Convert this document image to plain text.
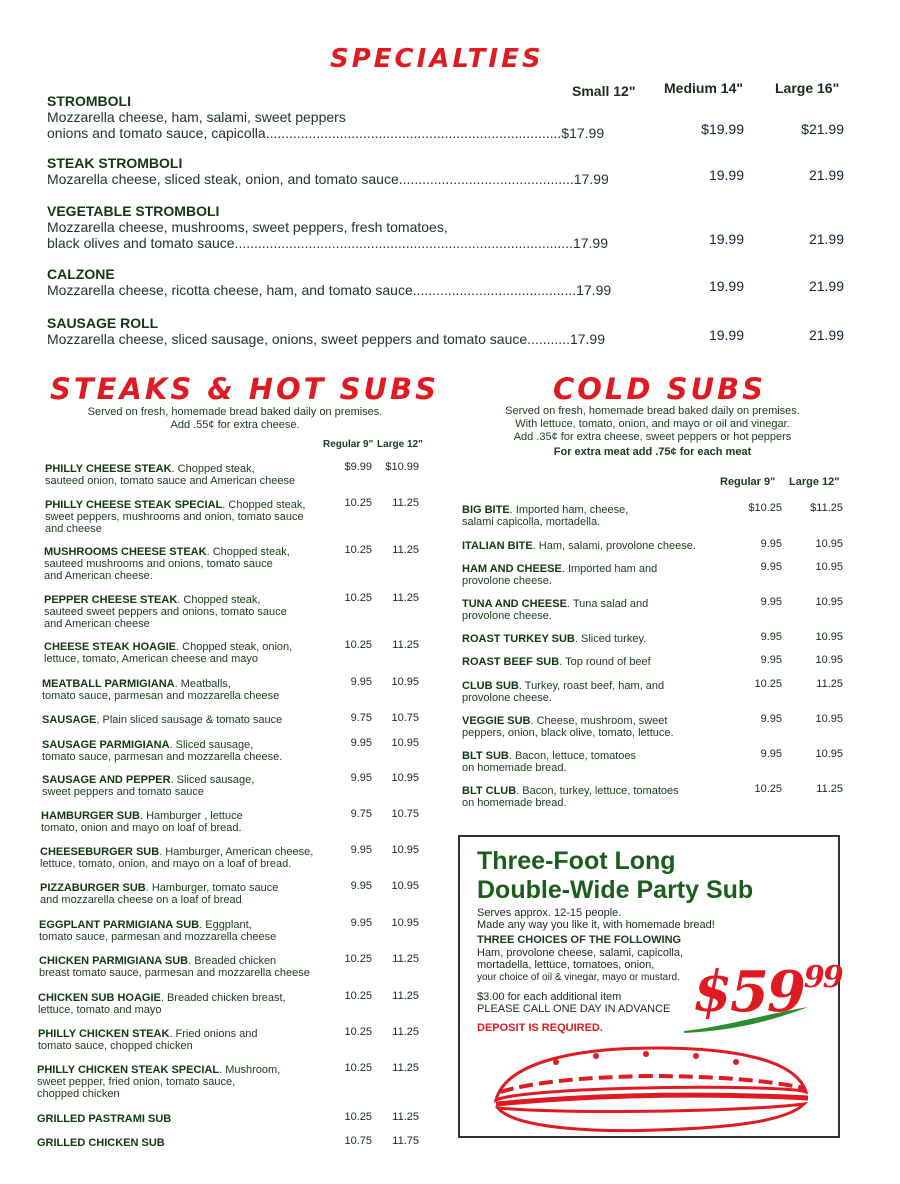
SPECIALTIES
Small 12" Medium 14" Large 16"
STROMBOLI
Mozzarella cheese, ham, salami, sweet peppers
onions and tomato sauce, capicolla............................................................................$17.99	$19.99	$21.99
STEAK STROMBOLI
Mozarella cheese, sliced steak, onion, and tomato sauce.............................................17.99	19.99	21.99
VEGETABLE STROMBOLI
Mozzarella cheese, mushrooms, sweet peppers, fresh tomatoes,
black olives and tomato sauce.......................................................................................17.99	19.99	21.99
CALZONE
Mozzarella cheese, ricotta cheese, ham, and tomato sauce..........................................17.99	19.99	21.99
SAUSAGE ROLL
Mozzarella cheese, sliced sausage, onions, sweet peppers and tomato sauce...........17.99	19.99	21.99
STEAKS & HOT SUBS
Served on fresh, homemade bread baked daily on premises.
Add .55¢ for extra cheese.
Regular 9" Large 12"
PHILLY CHEESE STEAK. Chopped steak,
sauteed onion, tomato sauce and American cheese
$9.99	$10.99
PHILLY CHEESE STEAK SPECIAL. Chopped steak,
sweet peppers, mushrooms and onion, tomato sauce
and cheese
10.25	11.25
MUSHROOMS CHEESE STEAK. Chopped steak,
sauteed mushrooms and onions, tomato sauce
and American cheese.
10.25	11.25
PEPPER CHEESE STEAK. Chopped steak,
sauteed sweet peppers and onions, tomato sauce
and American cheese
10.25	11.25
CHEESE STEAK HOAGIE. Chopped steak, onion,
lettuce, tomato, American cheese and mayo
10.25	11.25
MEATBALL PARMIGIANA. Meatballs,
tomato sauce, parmesan and mozzarella cheese
9.95	10.95
SAUSAGE, Plain sliced sausage & tomato sauce	9.75	10.75
SAUSAGE PARMIGIANA. Sliced sausage,
tomato sauce, parmesan and mozzarella cheese.
9.95	10.95
SAUSAGE AND PEPPER. Sliced sausage,
sweet peppers and tomato sauce
9.95	10.95
HAMBURGER SUB. Hamburger , lettuce
tomato, onion and mayo on loaf of bread.
9.75	10.75
CHEESEBURGER SUB. Hamburger, American cheese,
lettuce, tomato, onion, and mayo on a loaf of bread.
9.95	10.95
PIZZABURGER SUB. Hamburger, tomato sauce
and mozzarella cheese on a loaf of bread
9.95	10.95
EGGPLANT PARMIGIANA SUB. Eggplant,
tomato sauce, parmesan and mozzarella cheese
9.95	10.95
CHICKEN PARMIGIANA SUB. Breaded chicken
breast tomato sauce, parmesan and mozzarella cheese
10.25	11.25
CHICKEN SUB HOAGIE. Breaded chicken breast,
lettuce, tomato and mayo
10.25	11.25
PHILLY CHICKEN STEAK. Fried onions and
tomato sauce, chopped chicken
10.25	11.25
PHILLY CHICKEN STEAK SPECIAL. Mushroom,
sweet pepper, fried onion, tomato sauce,
chopped chicken
10.25	11.25
GRILLED PASTRAMI SUB	10.25	11.25
GRILLED CHICKEN SUB	10.75	11.75
COLD SUBS
Served on fresh, homemade bread baked daily on premises.
With lettuce, tomato, onion, and mayo or oil and vinegar.
Add .35¢ for extra cheese, sweet peppers or hot peppers
For extra meat add .75¢ for each meat
Regular 9" Large 12"
BIG BITE. Imported ham, cheese,
salami capicolla, mortadella.
$10.25	$11.25
ITALIAN BITE. Ham, salami, provolone cheese.	9.95	10.95
HAM AND CHEESE. Imported ham and
provolone cheese.
9.95	10.95
TUNA AND CHEESE. Tuna salad and
provolone cheese.
9.95	10.95
ROAST TURKEY SUB. Sliced turkey.	9.95	10.95
ROAST BEEF SUB. Top round of beef	9.95	10.95
CLUB SUB. Turkey, roast beef, ham, and
provolone cheese.
10.25	11.25
VEGGIE SUB. Cheese, mushroom, sweet
peppers, onion, black olive, tomato, lettuce.
9.95	10.95
BLT SUB. Bacon, lettuce, tomatoes
on homemade bread.
9.95	10.95
BLT CLUB. Bacon, turkey, lettuce, tomatoes
on homemade bread.
10.25	11.25
Three-Foot Long
Double-Wide Party Sub
Serves approx. 12-15 people.
Made any way you like it, with homemade bread!
THREE CHOICES OF THE FOLLOWING
Ham, provolone cheese, salami, capicolla,
mortadella, lettuce, tomatoes, onion,
your choice of oil & vinegar, mayo or mustard.
$3.00 for each additional item
PLEASE CALL ONE DAY IN ADVANCE
DEPOSIT IS REQUIRED.
$\$59^{99}$
